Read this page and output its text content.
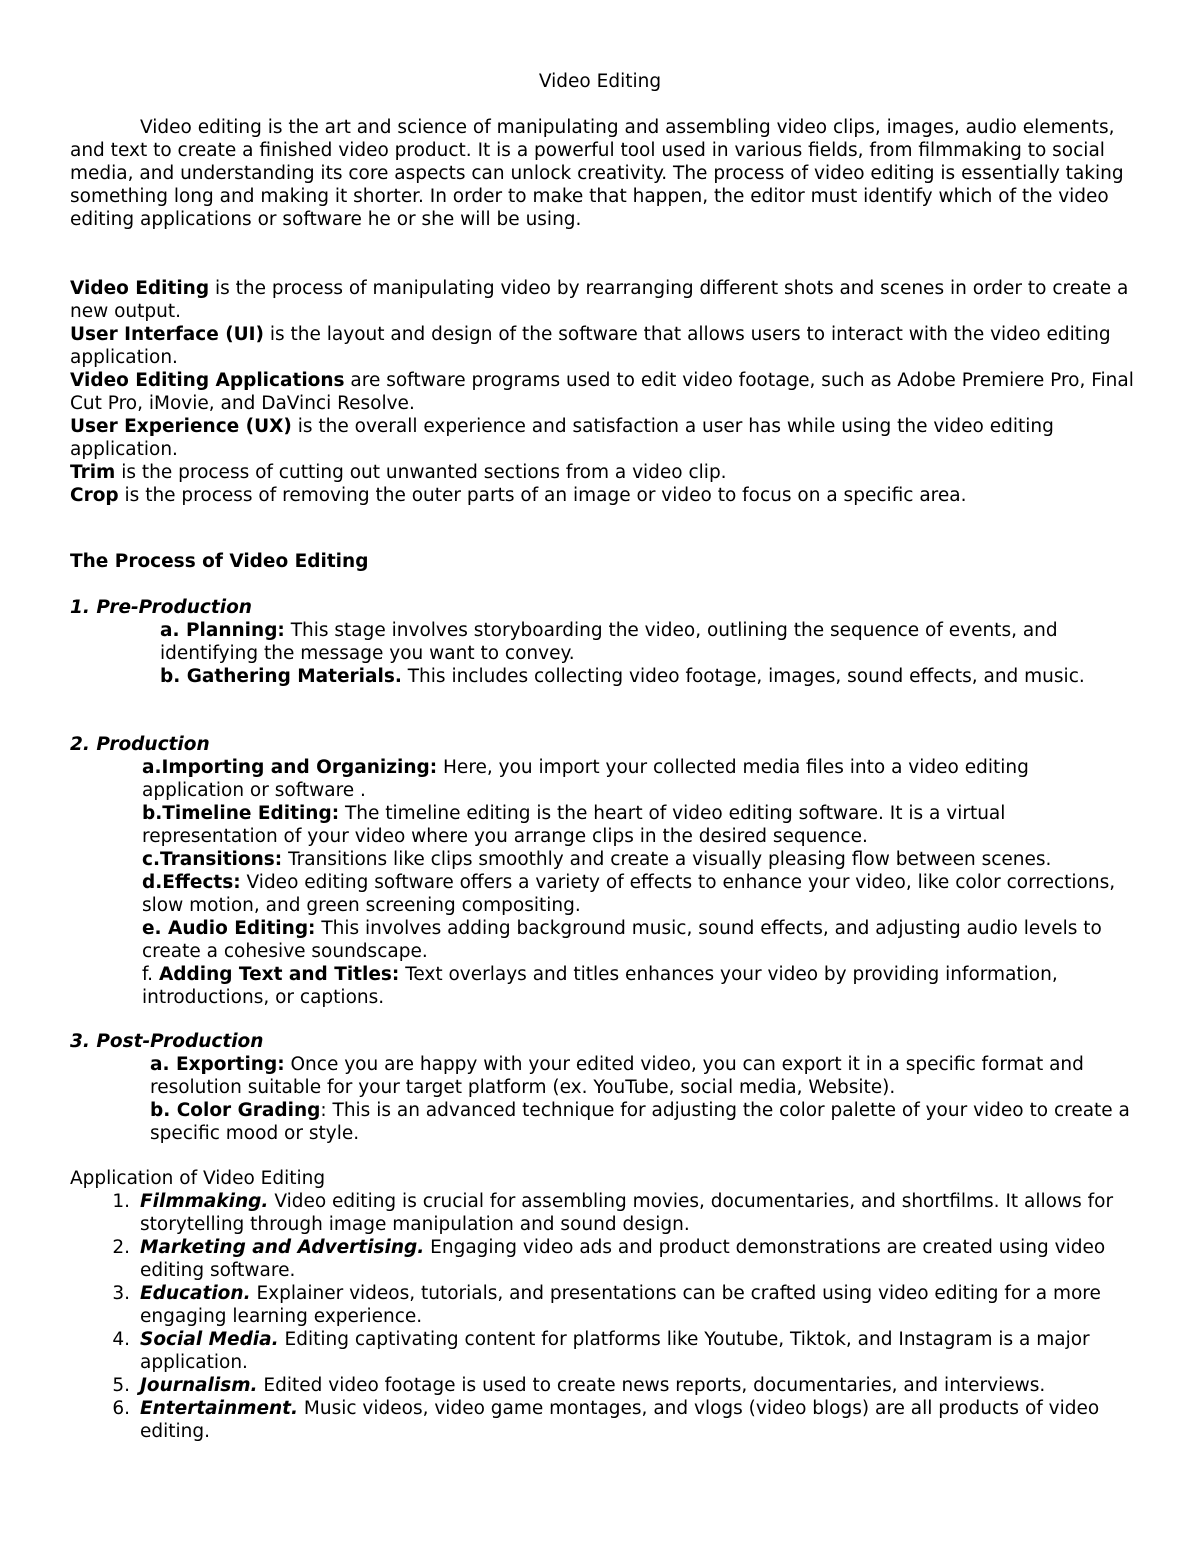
Video Editing
Video editing is the art and science of manipulating and assembling video clips, images, audio elements, and text to create a finished video product. It is a powerful tool used in various fields, from filmmaking to social media, and understanding its core aspects can unlock creativity. The process of video editing is essentially taking something long and making it shorter. In order to make that happen, the editor must identify which of the video editing applications or software he or she will be using.

Video Editing is the process of manipulating video by rearranging different shots and scenes in order to create a new output.

User Interface (UI) is the layout and design of the software that allows users to interact with the video editing application.

Video Editing Applications are software programs used to edit video footage, such as Adobe Premiere Pro, Final Cut Pro, iMovie, and DaVinci Resolve.

User Experience (UX) is the overall experience and satisfaction a user has while using the video editing application.

Trim is the process of cutting out unwanted sections from a video clip.

Crop is the process of removing the outer parts of an image or video to focus on a specific area.

The Process of Video Editing
1. Pre-Production

a. Planning: This stage involves storyboarding the video, outlining the sequence of events, and identifying the message you want to convey.

b. Gathering Materials. This includes collecting video footage, images, sound effects, and music.

2. Production

a.Importing and Organizing: Here, you import your collected media files into a video editing application or software .

b.Timeline Editing: The timeline editing is the heart of video editing software. It is a virtual representation of your video where you arrange clips in the desired sequence.

c.Transitions: Transitions like clips smoothly and create a visually pleasing flow between scenes.

d.Effects: Video editing software offers a variety of effects to enhance your video, like color corrections, slow motion, and green screening compositing.

e. Audio Editing: This involves adding background music, sound effects, and adjusting audio levels to create a cohesive soundscape.

f. Adding Text and Titles: Text overlays and titles enhances your video by providing information, introductions, or captions.

3. Post-Production

a. Exporting: Once you are happy with your edited video, you can export it in a specific format and resolution suitable for your target platform (ex. YouTube, social media, Website).

b. Color Grading: This is an advanced technique for adjusting the color palette of your video to create a specific mood or style.

Application of Video Editing
1. Filmmaking. Video editing is crucial for assembling movies, documentaries, and shortfilms. It allows for storytelling through image manipulation and sound design.
2. Marketing and Advertising. Engaging video ads and product demonstrations are created using video editing software.
3. Education. Explainer videos, tutorials, and presentations can be crafted using video editing for a more engaging learning experience.
4. Social Media. Editing captivating content for platforms like Youtube, Tiktok, and Instagram is a major application.
5. Journalism. Edited video footage is used to create news reports, documentaries, and interviews.
6. Entertainment. Music videos, video game montages, and vlogs (video blogs) are all products of video editing.
